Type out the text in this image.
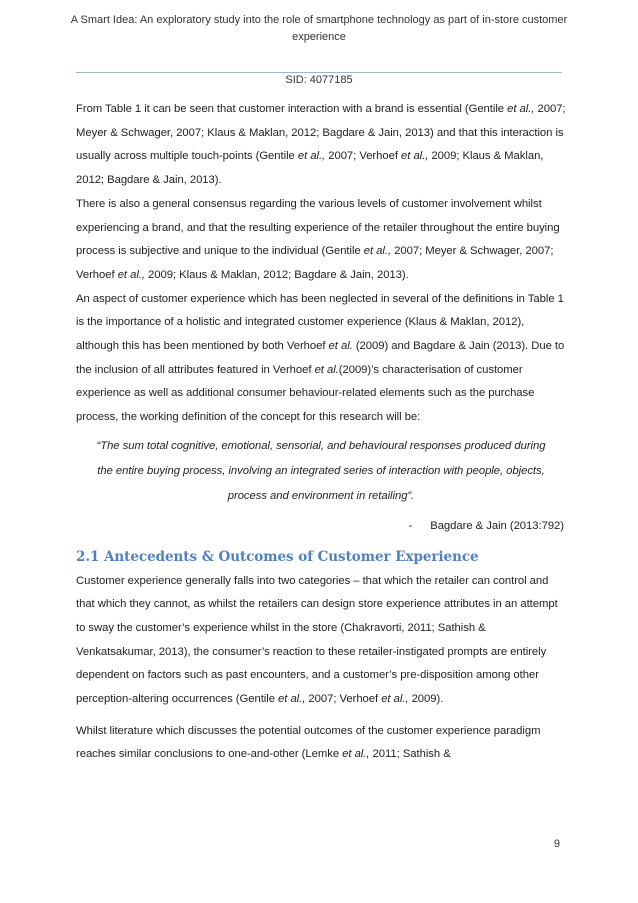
A Smart Idea: An exploratory study into the role of smartphone technology as part of in-store customer experience
SID: 4077185

From Table 1 it can be seen that customer interaction with a brand is essential (Gentile et al., 2007; Meyer & Schwager, 2007; Klaus & Maklan, 2012; Bagdare & Jain, 2013) and that this interaction is usually across multiple touch-points (Gentile et al., 2007; Verhoef et al., 2009; Klaus & Maklan, 2012; Bagdare & Jain, 2013).

There is also a general consensus regarding the various levels of customer involvement whilst experiencing a brand, and that the resulting experience of the retailer throughout the entire buying process is subjective and unique to the individual (Gentile et al., 2007; Meyer & Schwager, 2007; Verhoef et al., 2009; Klaus & Maklan, 2012; Bagdare & Jain, 2013).

An aspect of customer experience which has been neglected in several of the definitions in Table 1 is the importance of a holistic and integrated customer experience (Klaus & Maklan, 2012), although this has been mentioned by both Verhoef et al. (2009) and Bagdare & Jain (2013). Due to the inclusion of all attributes featured in Verhoef et al.(2009)’s characterisation of customer experience as well as additional consumer behaviour-related elements such as the purchase process, the working definition of the concept for this research will be:

“The sum total cognitive, emotional, sensorial, and behavioural responses produced during
the entire buying process, involving an integrated series of interaction with people, objects,
process and environment in retailing”.
- Bagdare & Jain (2013:792)
2.1 Antecedents & Outcomes of Customer Experience

Customer experience generally falls into two categories – that which the retailer can control and that which they cannot, as whilst the retailers can design store experience attributes in an attempt to sway the customer’s experience whilst in the store (Chakravorti, 2011; Sathish & Venkatsakumar, 2013), the consumer’s reaction to these retailer-instigated prompts are entirely dependent on factors such as past encounters, and a customer’s pre-disposition among other perception-altering occurrences (Gentile et al., 2007; Verhoef et al., 2009).

Whilst literature which discusses the potential outcomes of the customer experience paradigm reaches similar conclusions to one-and-other (Lemke et al., 2011; Sathish &

9
